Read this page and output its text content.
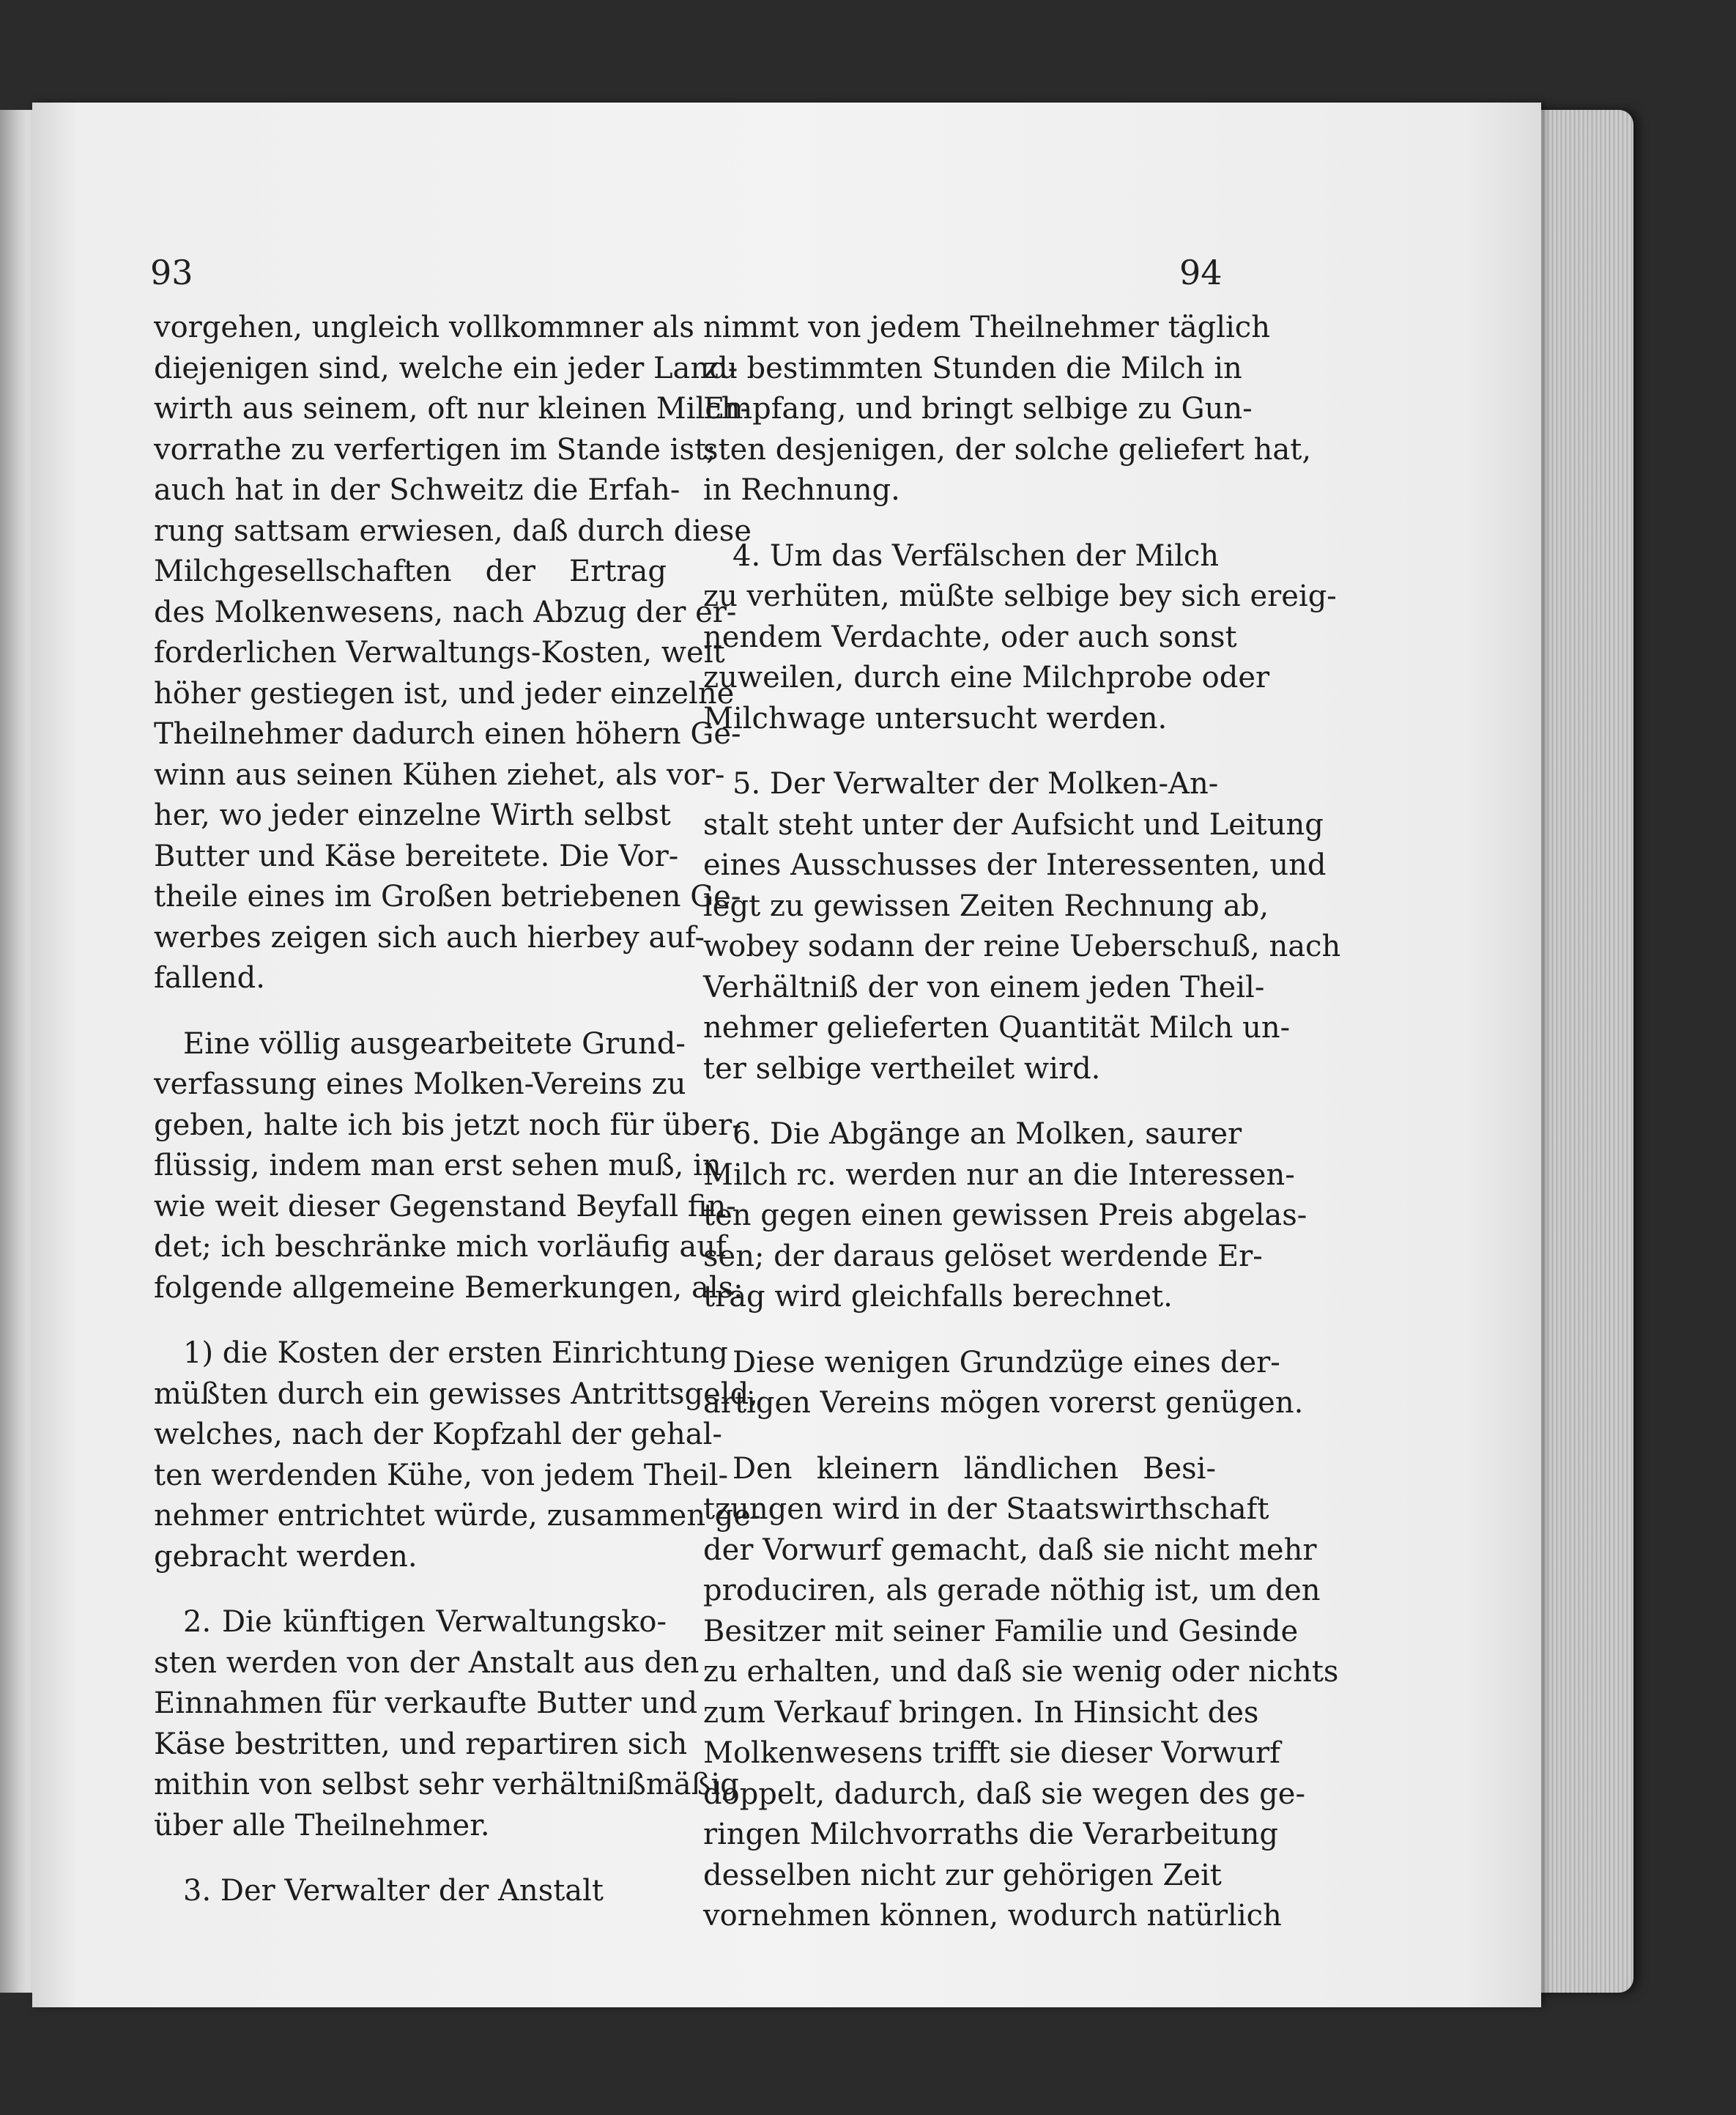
93	94
vorgehen, ungleich vollkommner als
diejenigen sind, welche ein jeder Land-
wirth aus seinem, oft nur kleinen Milch-
vorrathe zu verfertigen im Stande ist;
auch hat in der Schweitz die Erfah-
rung sattsam erwiesen, daß durch diese
Milchgesellschaften der Ertrag
des Molkenwesens, nach Abzug der er-
forderlichen Verwaltungs-Kosten, weit
höher gestiegen ist, und jeder einzelne
Theilnehmer dadurch einen höhern Ge-
winn aus seinen Kühen ziehet, als vor-
her, wo jeder einzelne Wirth selbst
Butter und Käse bereitete. Die Vor-
theile eines im Großen betriebenen Ge-
werbes zeigen sich auch hierbey auf-
fallend.
Eine völlig ausgearbeitete Grund-
verfassung eines Molken-Vereins zu
geben, halte ich bis jetzt noch für über-
flüssig, indem man erst sehen muß, in
wie weit dieser Gegenstand Beyfall fin-
det; ich beschränke mich vorläufig auf
folgende allgemeine Bemerkungen, als:
1) die Kosten der ersten Einrichtung
müßten durch ein gewisses Antrittsgeld,
welches, nach der Kopfzahl der gehal-
ten werdenden Kühe, von jedem Theil-
nehmer entrichtet würde, zusammen ge-
gebracht werden.
2. Die künftigen Verwaltungsko-
sten werden von der Anstalt aus den
Einnahmen für verkaufte Butter und
Käse bestritten, und repartiren sich
mithin von selbst sehr verhältnißmäßig
über alle Theilnehmer.
3. Der Verwalter der Anstalt
nimmt von jedem Theilnehmer täglich
zu bestimmten Stunden die Milch in
Empfang, und bringt selbige zu Gun-
sten desjenigen, der solche geliefert hat,
in Rechnung.
4. Um das Verfälschen der Milch
zu verhüten, müßte selbige bey sich ereig-
nendem Verdachte, oder auch sonst
zuweilen, durch eine Milchprobe oder
Milchwage untersucht werden.
5. Der Verwalter der Molken-An-
stalt steht unter der Aufsicht und Leitung
eines Ausschusses der Interessenten, und
legt zu gewissen Zeiten Rechnung ab,
wobey sodann der reine Ueberschuß, nach
Verhältniß der von einem jeden Theil-
nehmer gelieferten Quantität Milch un-
ter selbige vertheilet wird.
6. Die Abgänge an Molken, saurer
Milch rc. werden nur an die Interessen-
ten gegen einen gewissen Preis abgelas-
sen; der daraus gelöset werdende Er-
trag wird gleichfalls berechnet.
Diese wenigen Grundzüge eines der-
artigen Vereins mögen vorerst genügen.
Den kleinern ländlichen Besi-
tzungen wird in der Staatswirthschaft
der Vorwurf gemacht, daß sie nicht mehr
produciren, als gerade nöthig ist, um den
Besitzer mit seiner Familie und Gesinde
zu erhalten, und daß sie wenig oder nichts
zum Verkauf bringen. In Hinsicht des
Molkenwesens trifft sie dieser Vorwurf
doppelt, dadurch, daß sie wegen des ge-
ringen Milchvorraths die Verarbeitung
desselben nicht zur gehörigen Zeit
vornehmen können, wodurch natürlich
